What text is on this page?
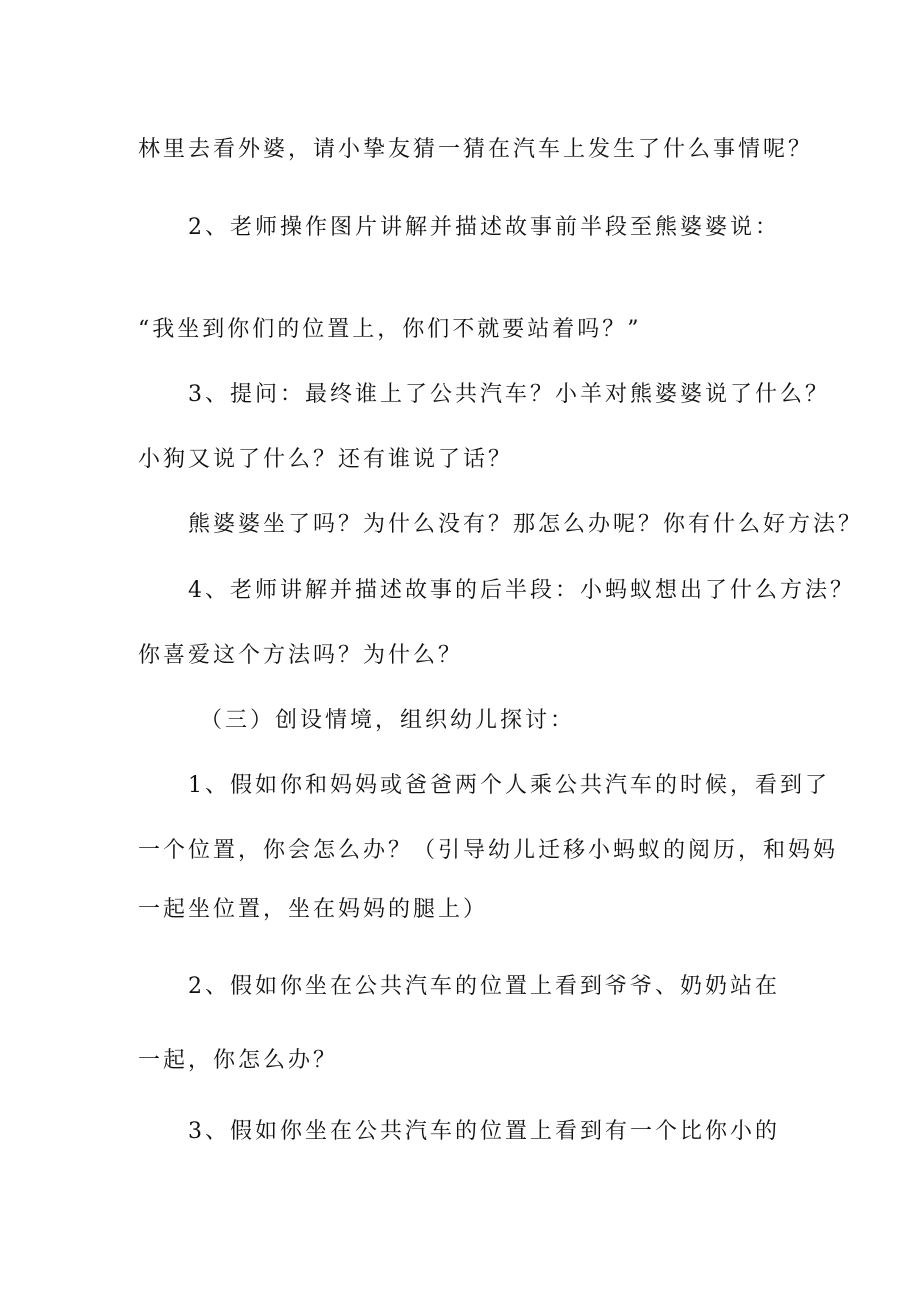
林里去看外婆，请小挚友猜一猜在汽车上发生了什么事情呢？
2、老师操作图片讲解并描述故事前半段至熊婆婆说：
“我坐到你们的位置上，你们不就要站着吗？”
3、提问：最终谁上了公共汽车？小羊对熊婆婆说了什么？
小狗又说了什么？还有谁说了话？
熊婆婆坐了吗？为什么没有？那怎么办呢？你有什么好方法？
4、老师讲解并描述故事的后半段：小蚂蚁想出了什么方法？
你喜爱这个方法吗？为什么？
（三）创设情境，组织幼儿探讨：
1、假如你和妈妈或爸爸两个人乘公共汽车的时候，看到了
一个位置，你会怎么办？（引导幼儿迁移小蚂蚁的阅历，和妈妈
一起坐位置，坐在妈妈的腿上）
2、假如你坐在公共汽车的位置上看到爷爷、奶奶站在
一起，你怎么办？
3、假如你坐在公共汽车的位置上看到有一个比你小的
